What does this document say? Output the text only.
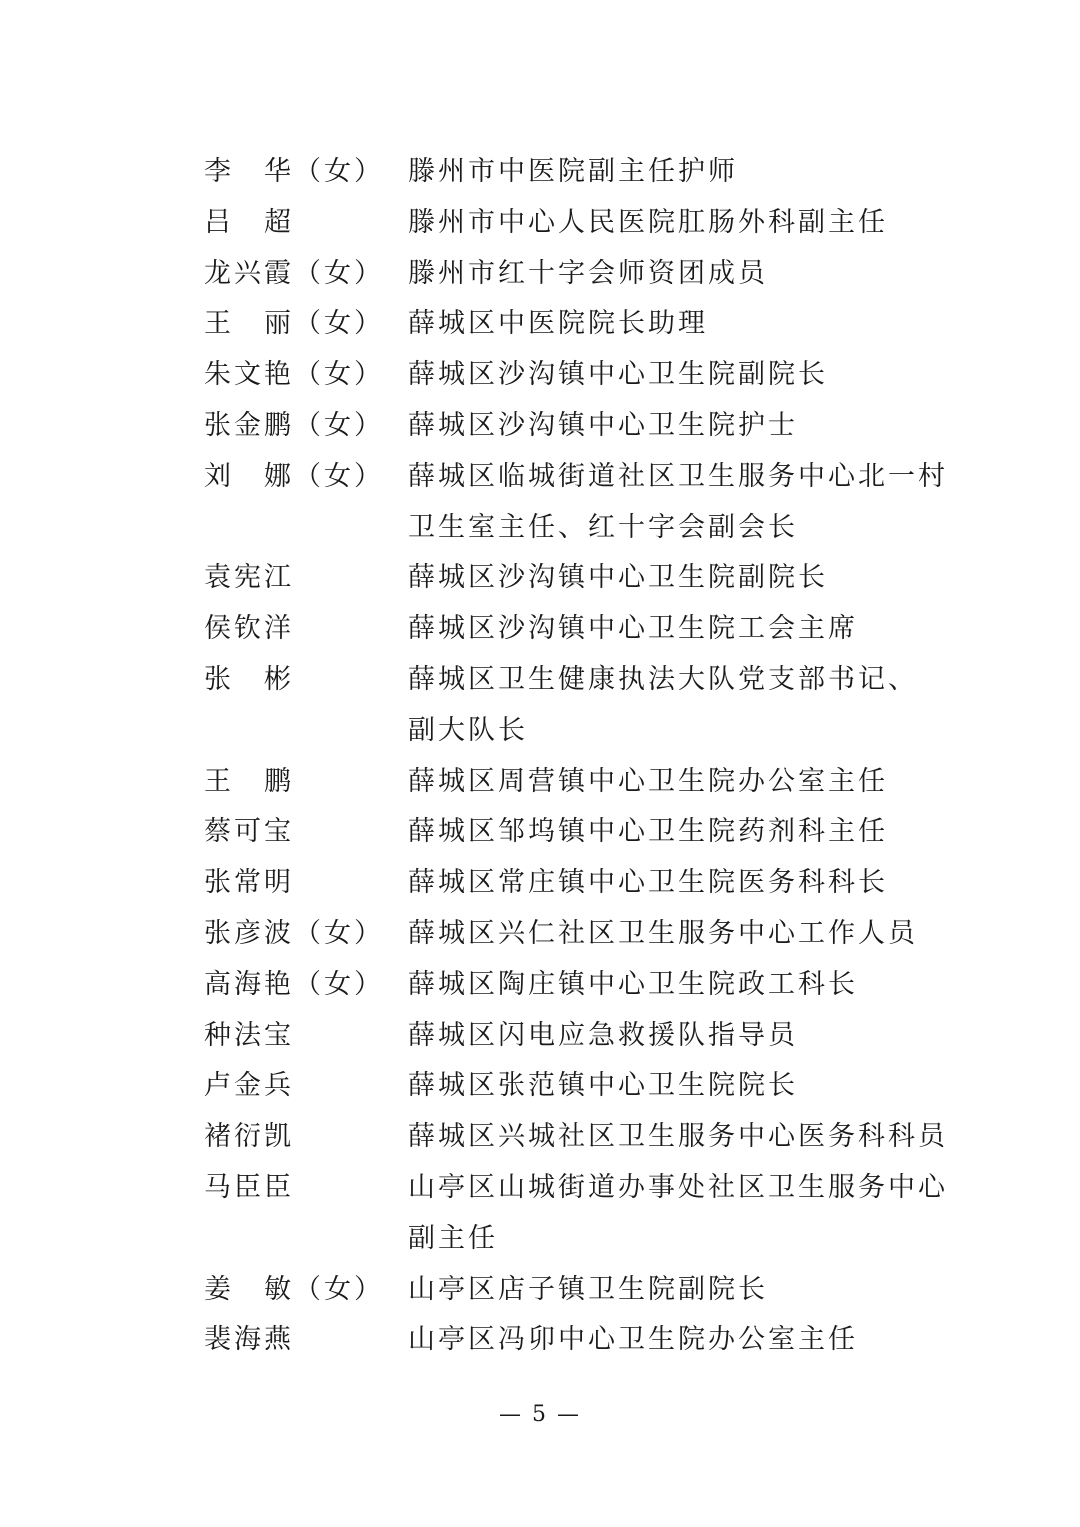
李　华（女） 滕州市中医院副主任护师
吕　超	滕州市中心人民医院肛肠外科副主任
龙兴霞（女） 滕州市红十字会师资团成员
王　丽（女） 薛城区中医院院长助理
朱文艳（女） 薛城区沙沟镇中心卫生院副院长
张金鹏（女） 薛城区沙沟镇中心卫生院护士
刘　娜（女） 薛城区临城街道社区卫生服务中心北一村
卫生室主任、红十字会副会长
袁宪江	薛城区沙沟镇中心卫生院副院长
侯钦洋	薛城区沙沟镇中心卫生院工会主席
张　彬	薛城区卫生健康执法大队党支部书记、
副大队长
王　鹏	薛城区周营镇中心卫生院办公室主任
蔡可宝	薛城区邹坞镇中心卫生院药剂科主任
张常明	薛城区常庄镇中心卫生院医务科科长
张彦波（女） 薛城区兴仁社区卫生服务中心工作人员
高海艳（女） 薛城区陶庄镇中心卫生院政工科长
种法宝	薛城区闪电应急救援队指导员
卢金兵	薛城区张范镇中心卫生院院长
褚衍凯	薛城区兴城社区卫生服务中心医务科科员
马臣臣	山亭区山城街道办事处社区卫生服务中心
副主任
姜　敏（女） 山亭区店子镇卫生院副院长
裴海燕	山亭区冯卯中心卫生院办公室主任
— 5 —
